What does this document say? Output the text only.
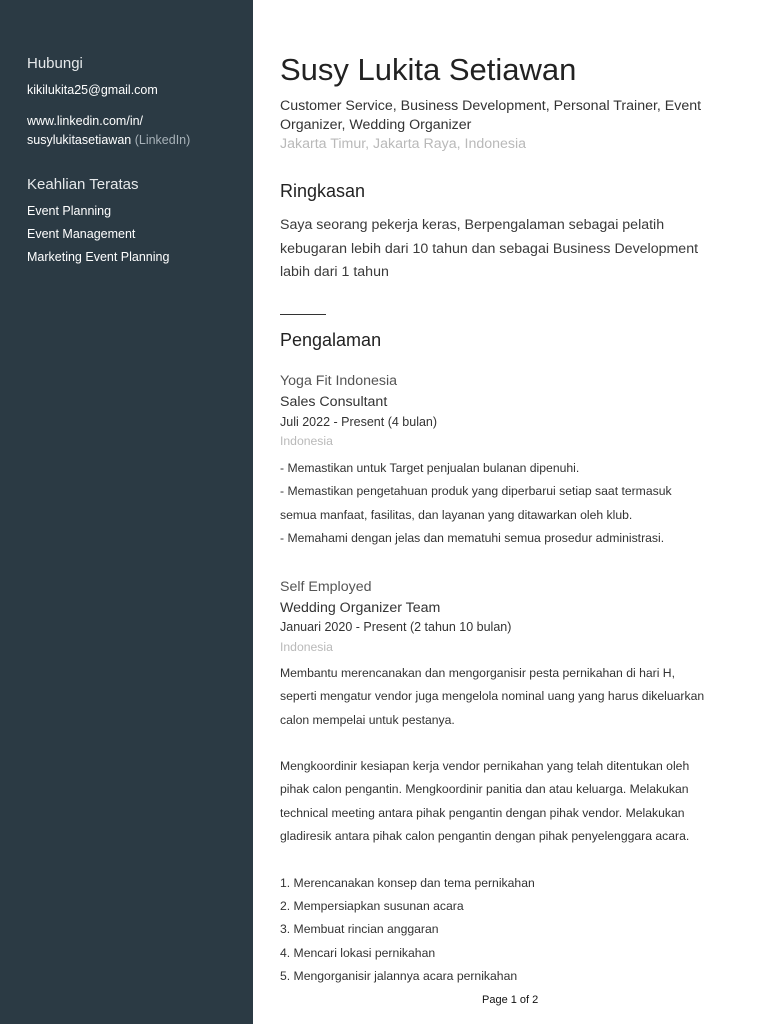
Hubungi
kikilukita25@gmail.com
www.linkedin.com/in/
susylukitasetiawan (LinkedIn)
Keahlian Teratas
Event Planning
Event Management
Marketing Event Planning
Susy Lukita Setiawan
Customer Service, Business Development, Personal Trainer, Event Organizer, Wedding Organizer
Jakarta Timur, Jakarta Raya, Indonesia
Ringkasan
Saya seorang pekerja keras, Berpengalaman sebagai pelatih
kebugaran lebih dari 10 tahun dan sebagai Business Development
labih dari 1 tahun
Pengalaman
Yoga Fit Indonesia
Sales Consultant
Juli 2022 - Present (4 bulan)
Indonesia
- Memastikan untuk Target penjualan bulanan dipenuhi.
- Memastikan pengetahuan produk yang diperbarui setiap saat termasuk
semua manfaat, fasilitas, dan layanan yang ditawarkan oleh klub.
- Memahami dengan jelas dan mematuhi semua prosedur administrasi.
Self Employed
Wedding Organizer Team
Januari 2020 - Present (2 tahun 10 bulan)
Indonesia
Membantu merencanakan dan mengorganisir pesta pernikahan di hari H,
seperti mengatur vendor juga mengelola nominal uang yang harus dikeluarkan
calon mempelai untuk pestanya.

Mengkoordinir kesiapan kerja vendor pernikahan yang telah ditentukan oleh
pihak calon pengantin. Mengkoordinir panitia dan atau keluarga. Melakukan
technical meeting antara pihak pengantin dengan pihak vendor. Melakukan
gladiresik antara pihak calon pengantin dengan pihak penyelenggara acara.

1. Merencanakan konsep dan tema pernikahan
2. Mempersiapkan susunan acara
3. Membuat rincian anggaran
4. Mencari lokasi pernikahan
5. Mengorganisir jalannya acara pernikahan
Page 1 of 2
